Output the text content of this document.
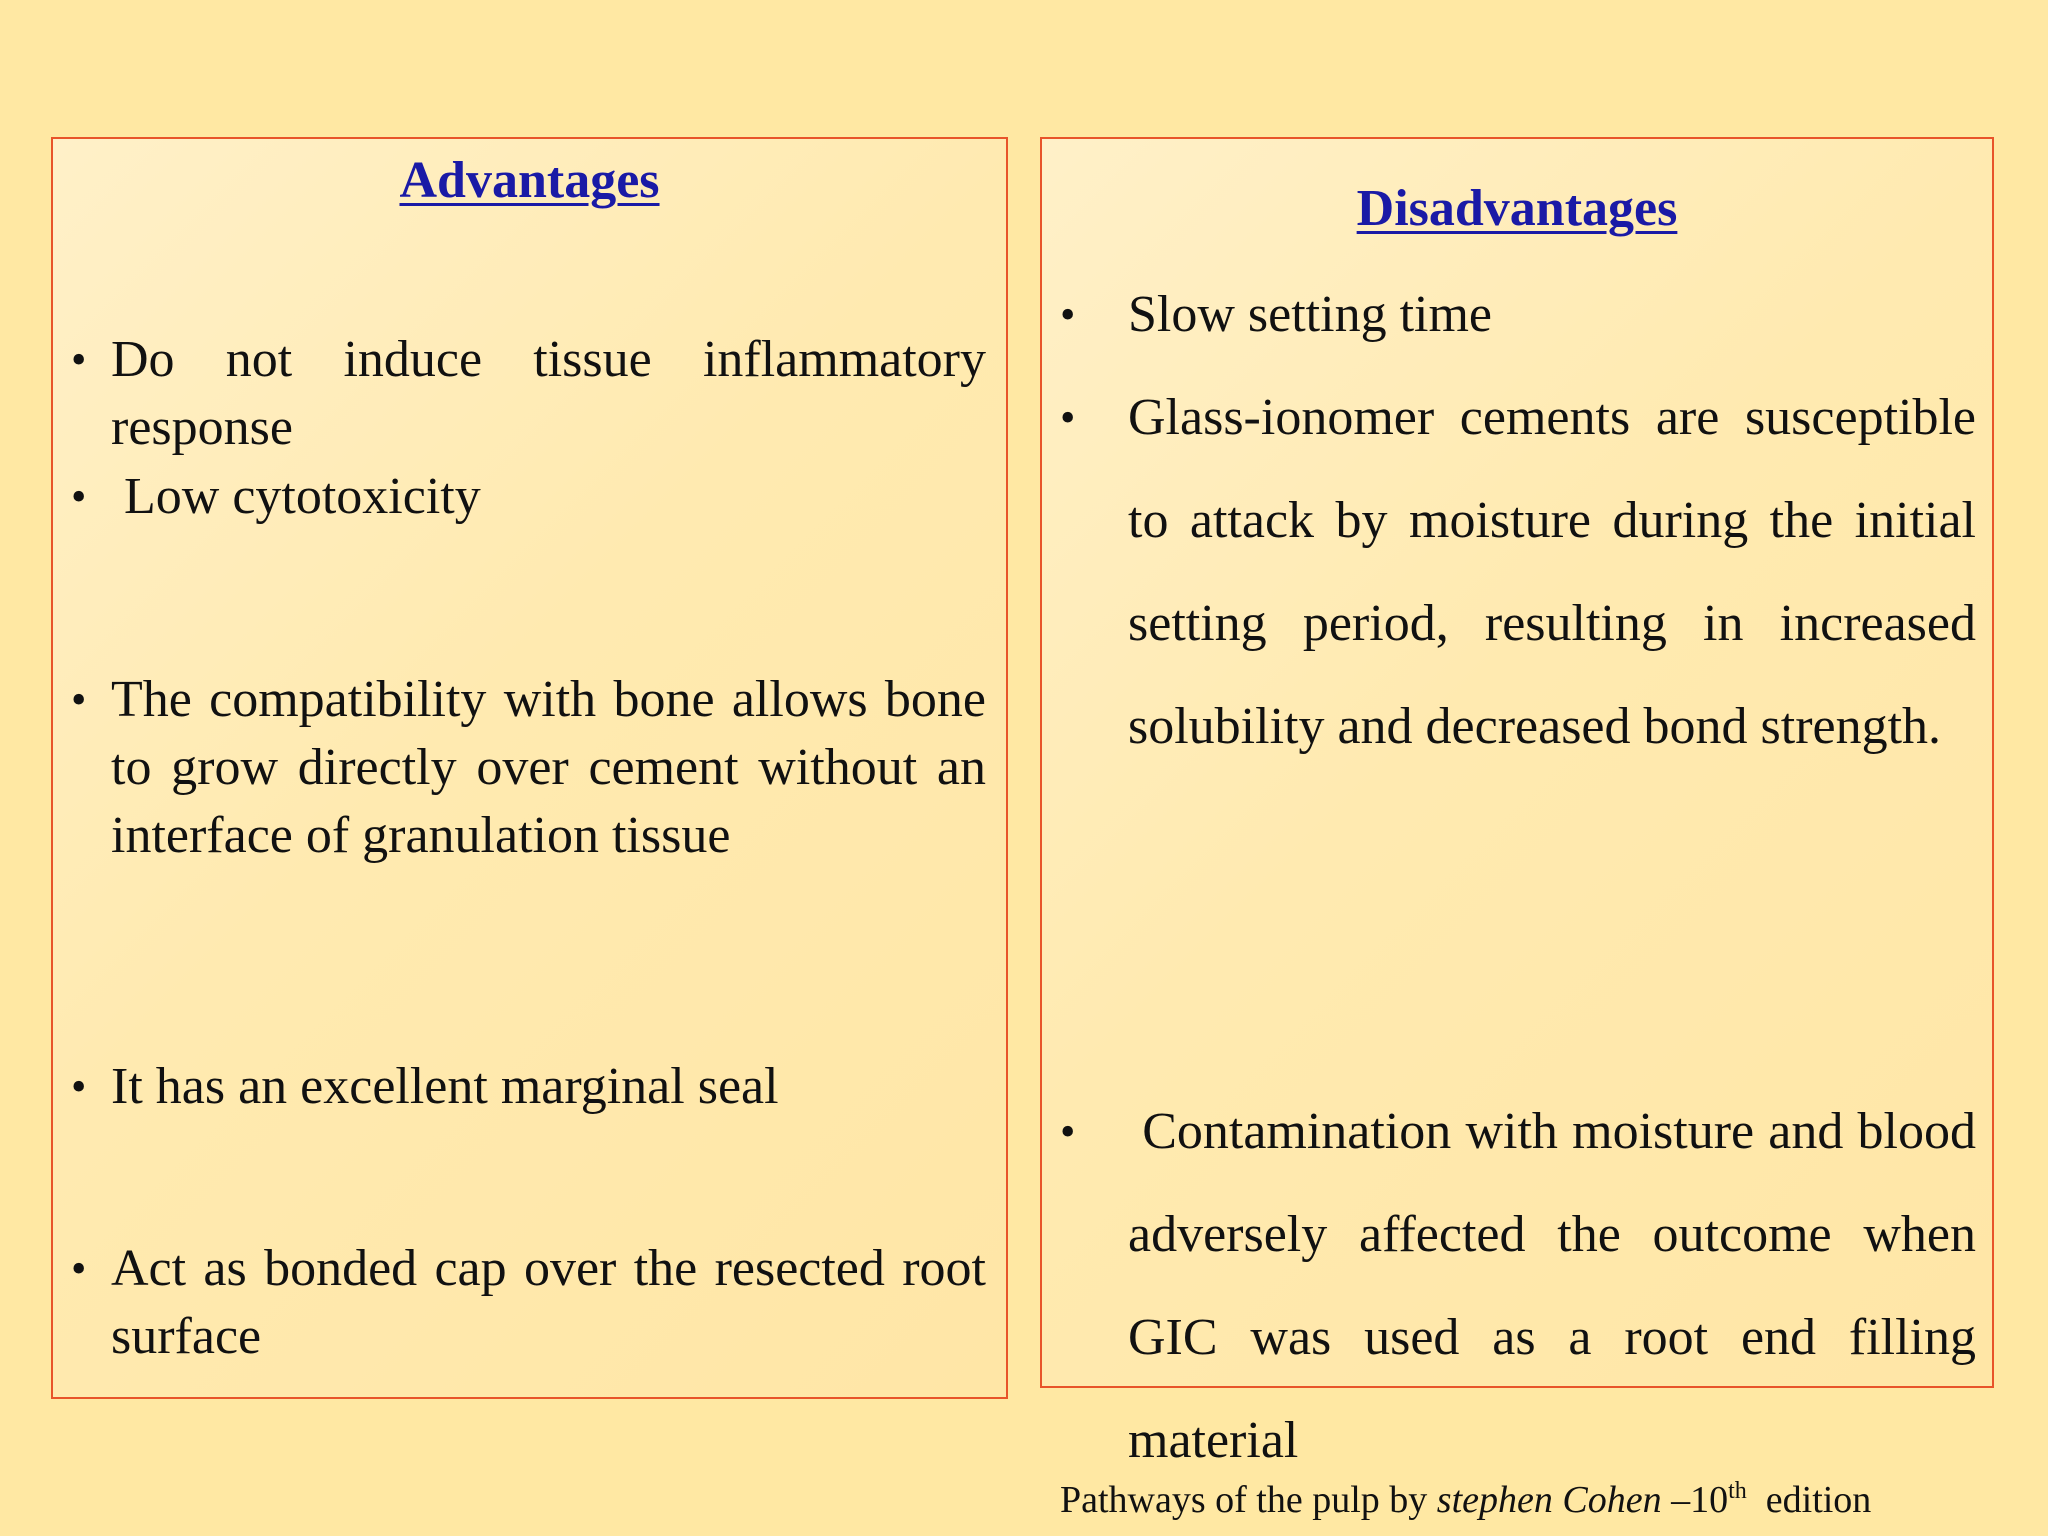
Advantages
• Do not induce tissue inflammatory response
• Low cytotoxicity
• The compatibility with bone allows bone to grow directly over cement without an interface of granulation tissue
• It has an excellent marginal seal
• Act as bonded cap over the resected root surface
Disadvantages
• Slow setting time
• Glass-ionomer cements are susceptible to attack by moisture during the initial setting period, resulting in increased solubility and decreased bond strength.
• Contamination with moisture and blood adversely affected the outcome when GIC was used as a root end filling material
Pathways of the pulp by stephen Cohen –10th  edition
